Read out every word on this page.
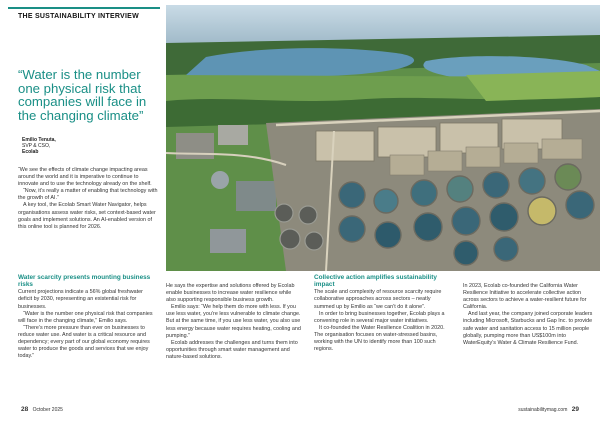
THE SUSTAINABILITY INTERVIEW
“Water is the number one physical risk that companies will face in the changing climate”
Emilio Tenuta,
SVP & CSO,
Ecolab

“We see the effects of climate change impacting areas around the world and it is imperative to continue to innovate and to use the technology already on the shelf.

“Now, it’s really a matter of enabling that technology with the growth of AI.”

A key tool, the Ecolab Smart Water Navigator, helps organisations assess water risks, set context-based water goals and implement solutions. An AI-enabled version of this online tool is planned for 2026.

Water scarcity presents mounting business risks

Current projections indicate a 56% global freshwater deficit by 2030, representing an existential risk for businesses.

“Water is the number one physical risk that companies will face in the changing climate,” Emilio says.

“There’s more pressure than ever on businesses to reduce water use. And water is a critical resource and dependency; every part of our global economy requires water to produce the goods and services that we enjoy today.”

He says the expertise and solutions offered by Ecolab enable businesses to increase water resilience while also supporting responsible business growth.

Emilio says: “We help them do more with less. If you use less water, you’re less vulnerable to climate change. But at the same time, if you use less water, you also use less energy because water requires heating, cooling and pumping.”

Ecolab addresses the challenges and turns them into opportunities through smart water management and nature-based solutions.

Collective action amplifies sustainability impact

The scale and complexity of resource scarcity require collaborative approaches across sectors – neatly summed up by Emilio as “we can’t do it alone”.

In order to bring businesses together, Ecolab plays a convening role in several major water initiatives.

It co-founded the Water Resilience Coalition in 2020. The organisation focuses on water-stressed basins, working with the UN to identify more than 100 such regions.

In 2023, Ecolab co-founded the California Water Resilience Initiative to accelerate collective action across sectors to achieve a water-resilient future for California.

And last year, the company joined corporate leaders including Microsoft, Starbucks and Gap Inc. to provide safe water and sanitation access to 15 million people globally, pumping more than US$100m into WaterEquity’s Water & Climate Resilience Fund.

28 October 2025	sustainabilitymag.com 29
